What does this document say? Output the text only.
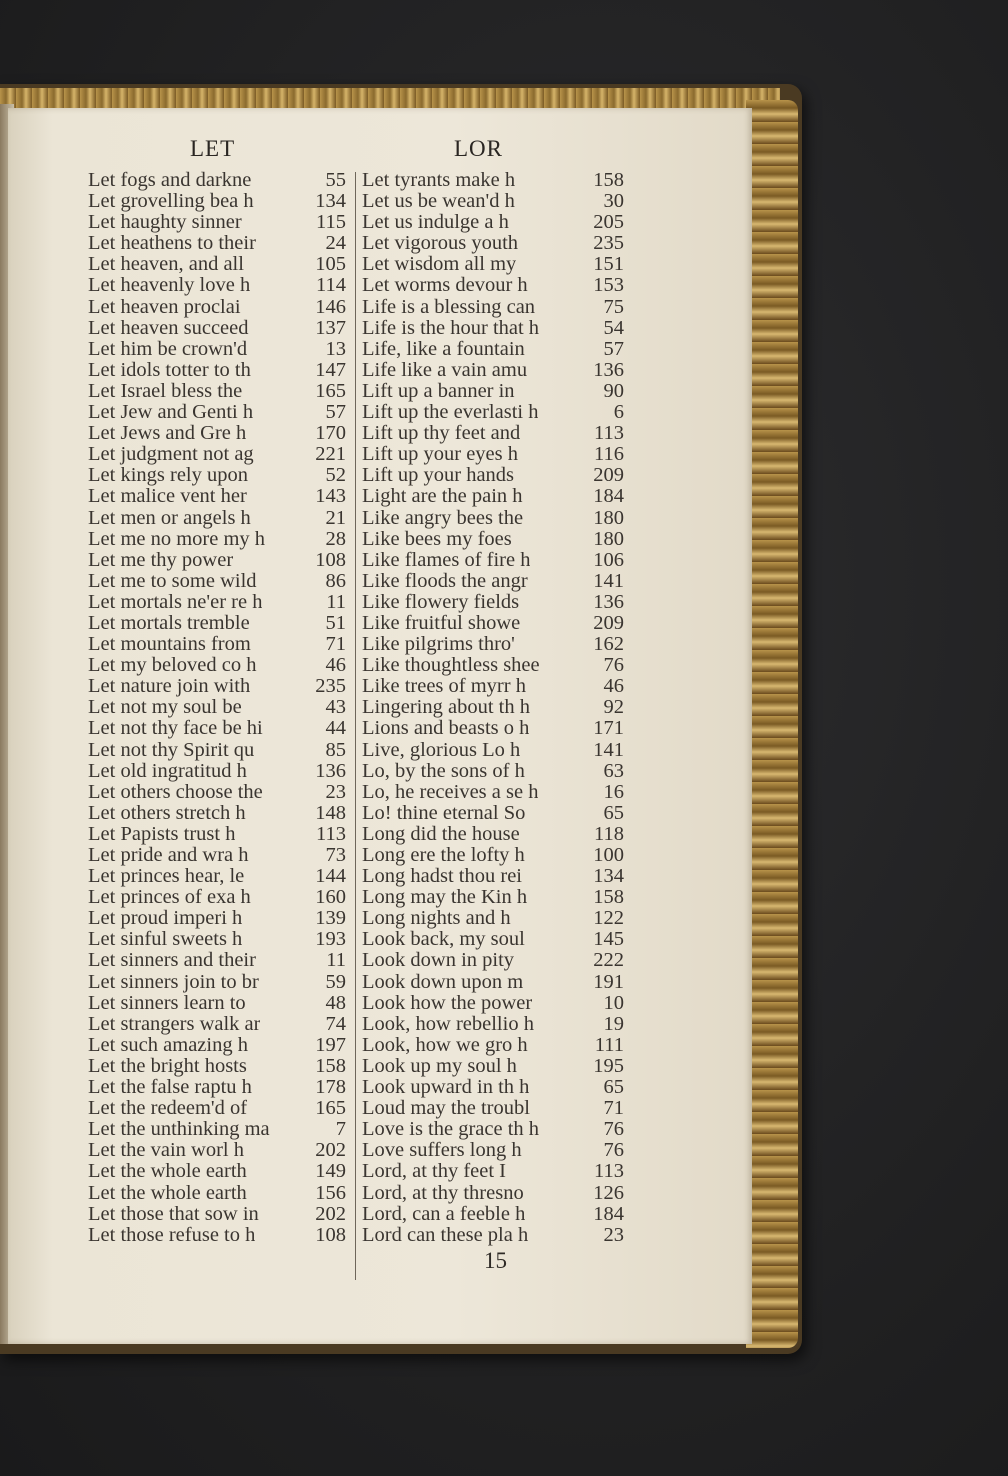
LET	LOR
Let fogs and darkne	55
Let grovelling bea h	134
Let haughty sinner	115
Let heathens to their	24
Let heaven, and all	105
Let heavenly love h	114
Let heaven proclai	146
Let heaven succeed	137
Let him be crown'd	13
Let idols totter to th	147
Let Israel bless the	165
Let Jew and Genti h	57
Let Jews and Gre h	170
Let judgment not ag	221
Let kings rely upon	52
Let malice vent her	143
Let men or angels h	21
Let me no more my h	28
Let me thy power	108
Let me to some wild	86
Let mortals ne'er re h	11
Let mortals tremble	51
Let mountains from	71
Let my beloved co h	46
Let nature join with	235
Let not my soul be	43
Let not thy face be hi	44
Let not thy Spirit qu	85
Let old ingratitud h	136
Let others choose the	23
Let others stretch h	148
Let Papists trust h	113
Let pride and wra h	73
Let princes hear, le	144
Let princes of exa h	160
Let proud imperi h	139
Let sinful sweets h	193
Let sinners and their	11
Let sinners join to br	59
Let sinners learn to	48
Let strangers walk ar	74
Let such amazing h	197
Let the bright hosts	158
Let the false raptu h	178
Let the redeem'd of	165
Let the unthinking ma	7
Let the vain worl h	202
Let the whole earth	149
Let the whole earth	156
Let those that sow in	202
Let those refuse to h	108
Let tyrants make h	158
Let us be wean'd h	30
Let us indulge a h	205
Let vigorous youth	235
Let wisdom all my	151
Let worms devour h	153
Life is a blessing can	75
Life is the hour that h	54
Life, like a fountain	57
Life like a vain amu	136
Lift up a banner in	90
Lift up the everlasti h	6
Lift up thy feet and	113
Lift up your eyes h	116
Lift up your hands	209
Light are the pain h	184
Like angry bees the	180
Like bees my foes	180
Like flames of fire h	106
Like floods the angr	141
Like flowery fields	136
Like fruitful showe	209
Like pilgrims thro'	162
Like thoughtless shee	76
Like trees of myrr h	46
Lingering about th h	92
Lions and beasts o h	171
Live, glorious Lo h	141
Lo, by the sons of h	63
Lo, he receives a se h	16
Lo! thine eternal So	65
Long did the house	118
Long ere the lofty h	100
Long hadst thou rei	134
Long may the Kin h	158
Long nights and h	122
Look back, my soul	145
Look down in pity	222
Look down upon m	191
Look how the power	10
Look, how rebellio h	19
Look, how we gro h	111
Look up my soul h	195
Look upward in th h	65
Loud may the troubl	71
Love is the grace th h	76
Love suffers long h	76
Lord, at thy feet I	113
Lord, at thy thresno	126
Lord, can a feeble h	184
Lord can these pla h	23
15
